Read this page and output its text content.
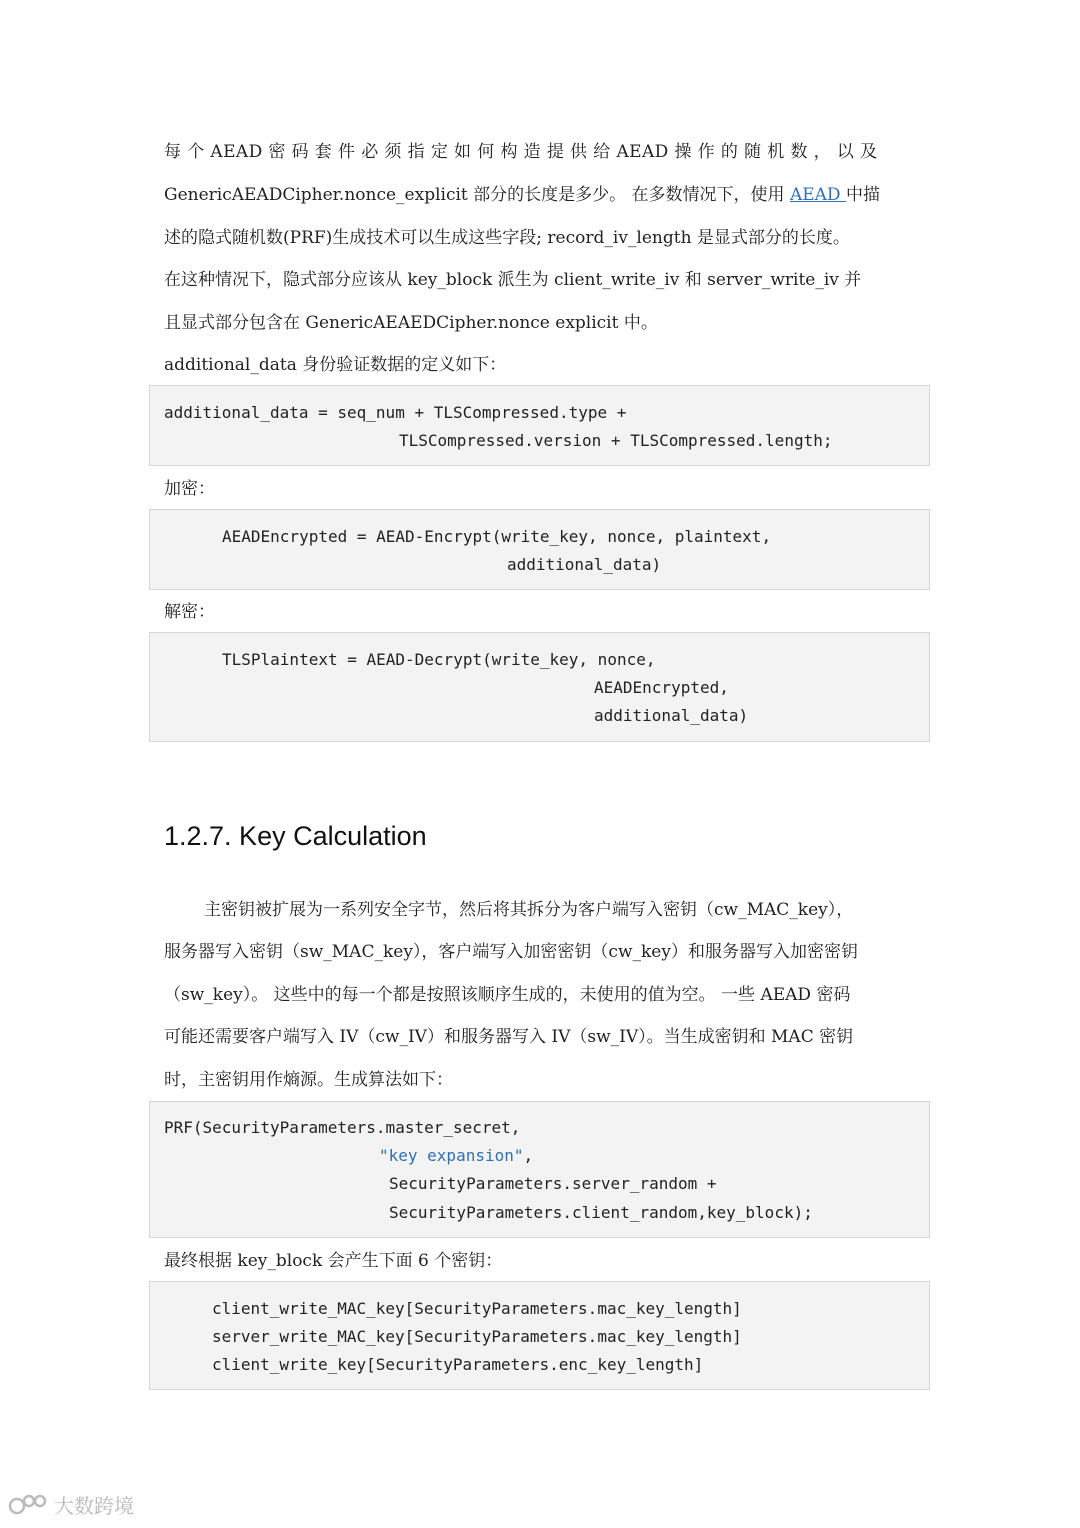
每 个 AEAD 密 码 套 件 必 须 指 定 如 何 构 造 提 供 给 AEAD 操 作 的 随 机 数 ， 以 及
GenericAEADCipher.nonce_explicit 部分的长度是多少。 在多数情况下，使用 AEAD 中描
述的隐式随机数(PRF)生成技术可以生成这些字段; record_iv_length 是显式部分的长度。
在这种情况下，隐式部分应该从 key_block 派生为 client_write_iv 和 server_write_iv 并
且显式部分包含在 GenericAEAEDCipher.nonce explicit 中。
additional_data 身份验证数据的定义如下：
additional_data = seq_num + TLSCompressed.type +
TLSCompressed.version + TLSCompressed.length;
加密：
AEADEncrypted = AEAD-Encrypt(write_key, nonce, plaintext,
additional_data)
解密：
TLSPlaintext = AEAD-Decrypt(write_key, nonce,
AEADEncrypted,
additional_data)
1.2.7. Key Calculation
主密钥被扩展为一系列安全字节，然后将其拆分为客户端写入密钥（cw_MAC_key），
服务器写入密钥（sw_MAC_key），客户端写入加密密钥（cw_key）和服务器写入加密密钥
（sw_key）。 这些中的每一个都是按照该顺序生成的，未使用的值为空。 一些 AEAD 密码
可能还需要客户端写入 IV（cw_IV）和服务器写入 IV（sw_IV）。当生成密钥和 MAC 密钥
时，主密钥用作熵源。生成算法如下：
PRF(SecurityParameters.master_secret,
"key expansion",
SecurityParameters.server_random +
SecurityParameters.client_random,key_block);
最终根据 key_block 会产生下面 6 个密钥：
client_write_MAC_key[SecurityParameters.mac_key_length]
server_write_MAC_key[SecurityParameters.mac_key_length]
client_write_key[SecurityParameters.enc_key_length]
大数跨境
